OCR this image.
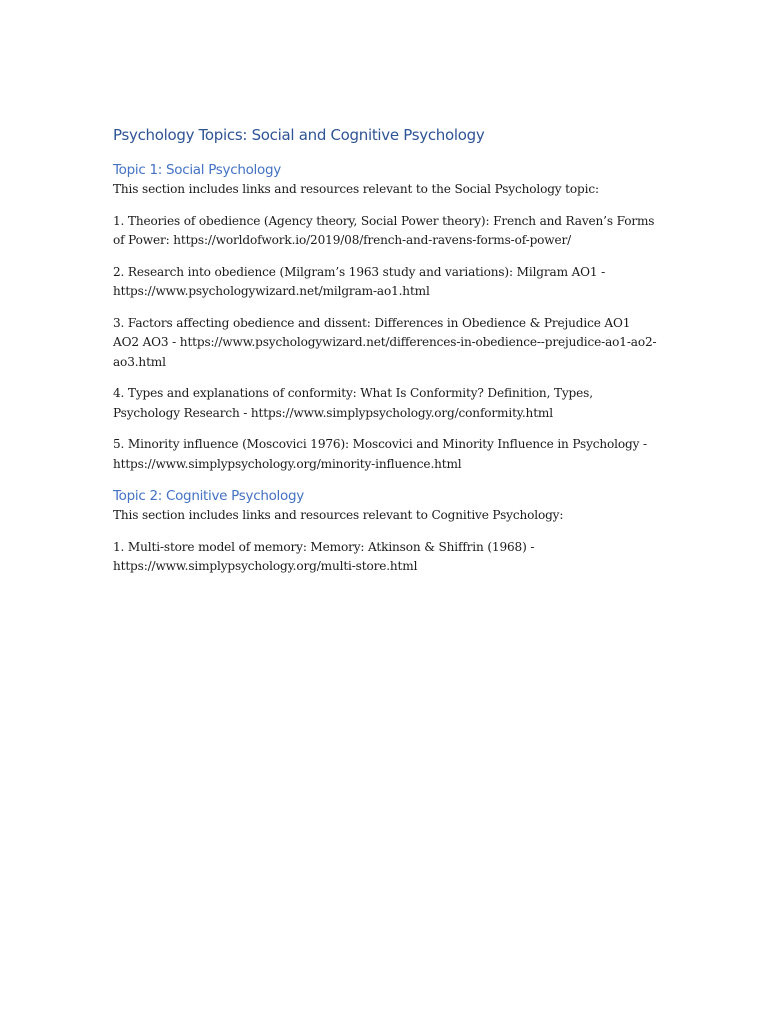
Psychology Topics: Social and Cognitive Psychology
Topic 1: Social Psychology

This section includes links and resources relevant to the Social Psychology topic:

1. Theories of obedience (Agency theory, Social Power theory): French and Raven’s Forms of Power: https://worldofwork.io/2019/08/french-and-ravens-forms-of-power/

2. Research into obedience (Milgram’s 1963 study and variations): Milgram AO1 - https://www.psychologywizard.net/milgram-ao1.html

3. Factors affecting obedience and dissent: Differences in Obedience & Prejudice AO1 AO2 AO3 - https://www.psychologywizard.net/differences-in-obedience--prejudice-ao1-ao2-ao3.html

4. Types and explanations of conformity: What Is Conformity? Definition, Types, Psychology Research - https://www.simplypsychology.org/conformity.html

5. Minority influence (Moscovici 1976): Moscovici and Minority Influence in Psychology - https://www.simplypsychology.org/minority-influence.html

Topic 2: Cognitive Psychology

This section includes links and resources relevant to Cognitive Psychology:

1. Multi-store model of memory: Memory: Atkinson & Shiffrin (1968) - https://www.simplypsychology.org/multi-store.html
